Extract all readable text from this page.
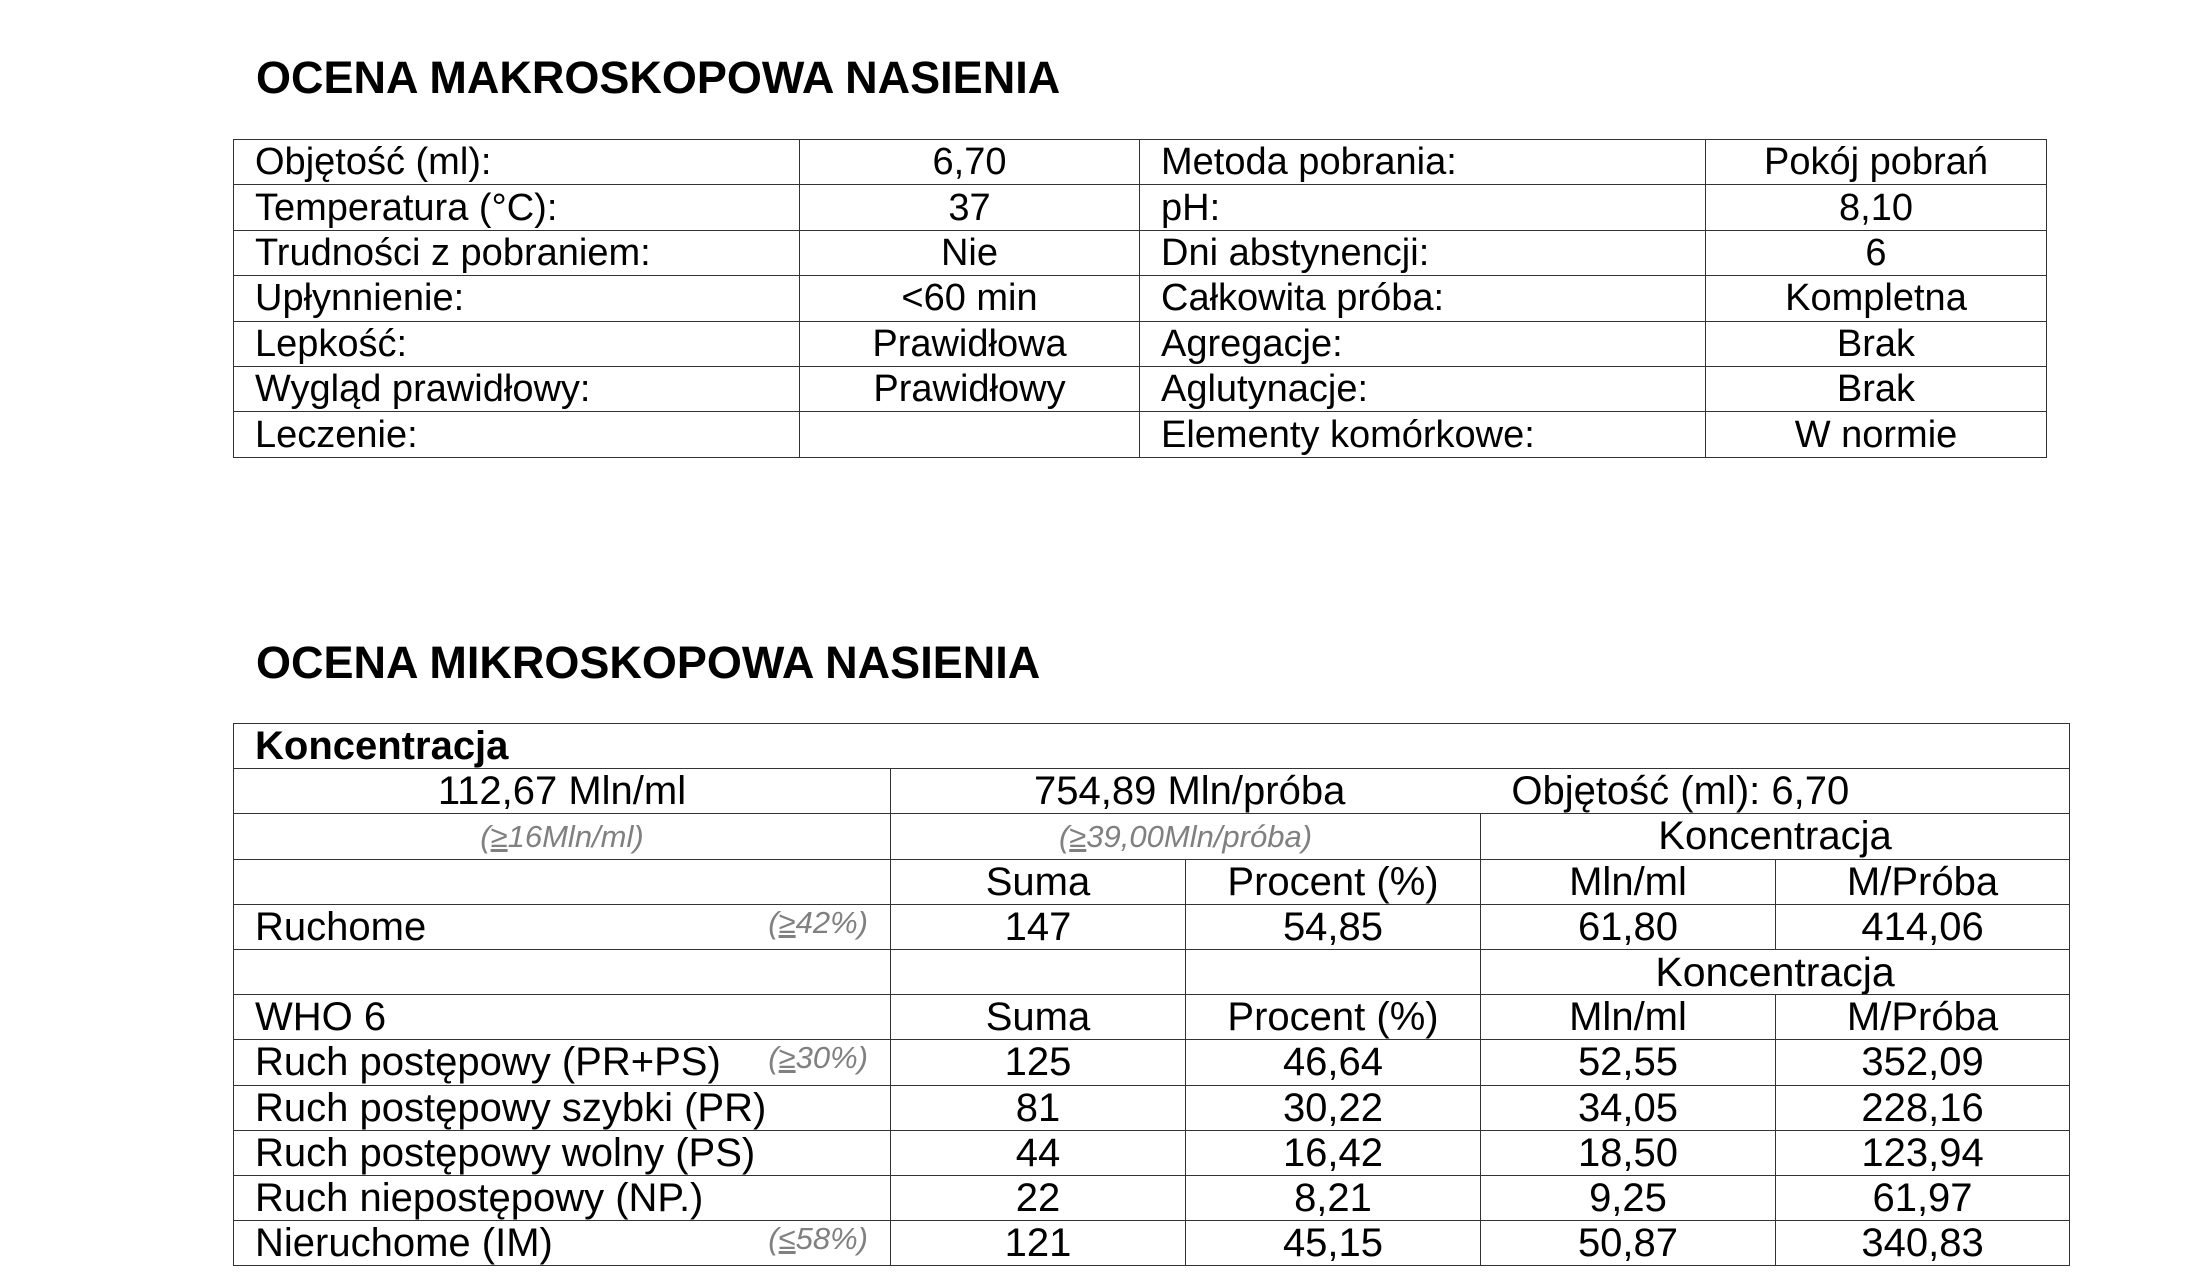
OCENA MAKROSKOPOWA NASIENIA
Objętość (ml):	6,70	Metoda pobrania:	Pokój pobrań
Temperatura (°C):	37	pH:	8,10
Trudności z pobraniem:	Nie	Dni abstynencji:	6
Upłynnienie:	<60 min	Całkowita próba:	Kompletna
Lepkość:	Prawidłowa	Agregacje:	Brak
Wygląd prawidłowy:	Prawidłowy	Aglutynacje:	Brak
Leczenie:		Elementy komórkowe:	W normie
OCENA MIKROSKOPOWA NASIENIA
Koncentracja				
112,67 Mln/ml	754,89 Mln/próba Objętość (ml): 6,70			
(≥16Mln/ml)	(≥39,00Mln/próba)		Koncentracja	
	Suma	Procent (%)	Mln/ml	M/Próba
Ruchome (≥42%)	147	54,85	61,80	414,06
			Koncentracja	
WHO 6	Suma	Procent (%)	Mln/ml	M/Próba

(≥30%)
Ruch postępowy (PR+PS)	125	46,64	52,55	352,09
Ruch postępowy szybki (PR)	81	30,22	34,05	228,16
Ruch postępowy wolny (PS)	44	16,42	18,50	123,94
Ruch niepostępowy (NP.)	22	8,21	9,25	61,97

(≤58%)
Nieruchome (IM)	121	45,15	50,87	340,83
